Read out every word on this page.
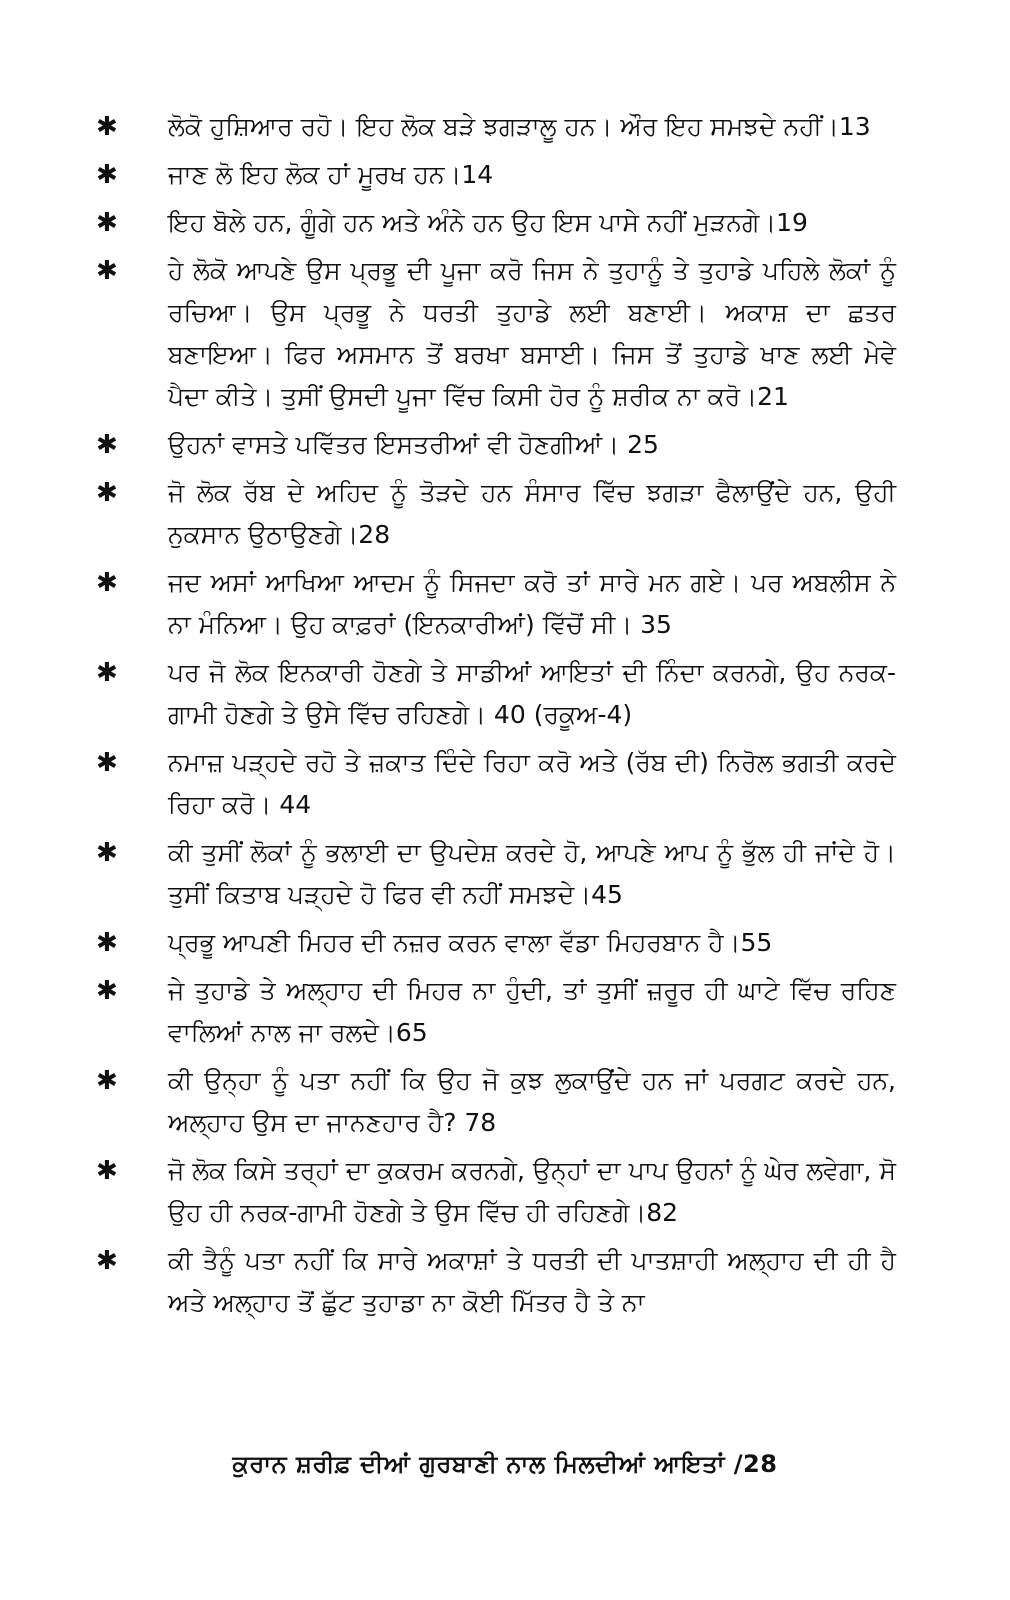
✱	ਲੋਕੋ ਹੁਸ਼ਿਆਰ ਰਹੋ। ਇਹ ਲੋਕ ਬੜੇ ਝਗੜਾਲੂ ਹਨ। ਔਰ ਇਹ ਸਮਝਦੇ ਨਹੀਂ।13
✱	ਜਾਣ ਲੋ ਇਹ ਲੋਕ ਹਾਂ ਮੂਰਖ ਹਨ।14
✱	ਇਹ ਬੋਲੇ ਹਨ, ਗੂੰਗੇ ਹਨ ਅਤੇ ਅੰਨੇ ਹਨ ਉਹ ਇਸ ਪਾਸੇ ਨਹੀਂ ਮੁੜਨਗੇ।19
✱	ਹੇ ਲੋਕੋ ਆਪਣੇ ਉਸ ਪ੍ਰਭੂ ਦੀ ਪੂਜਾ ਕਰੋ ਜਿਸ ਨੇ ਤੁਹਾਨੂੰ ਤੇ ਤੁਹਾਡੇ ਪਹਿਲੇ ਲੋਕਾਂ ਨੂੰ ਰਚਿਆ। ਉਸ ਪ੍ਰਭੂ ਨੇ ਧਰਤੀ ਤੁਹਾਡੇ ਲਈ ਬਣਾਈ। ਅਕਾਸ਼ ਦਾ ਛਤਰ ਬਣਾਇਆ। ਫਿਰ ਅਸਮਾਨ ਤੋਂ ਬਰਖਾ ਬਸਾਈ। ਜਿਸ ਤੋਂ ਤੁਹਾਡੇ ਖਾਣ ਲਈ ਮੇਵੇ ਪੈਦਾ ਕੀਤੇ। ਤੁਸੀਂ ਉਸਦੀ ਪੂਜਾ ਵਿੱਚ ਕਿਸੀ ਹੋਰ ਨੂੰ ਸ਼ਰੀਕ ਨਾ ਕਰੋ।21
✱	ਉਹਨਾਂ ਵਾਸਤੇ ਪਵਿੱਤਰ ਇਸਤਰੀਆਂ ਵੀ ਹੋਣਗੀਆਂ। 25
✱	ਜੋ ਲੋਕ ਰੱਬ ਦੇ ਅਹਿਦ ਨੂੰ ਤੋੜਦੇ ਹਨ ਸੰਸਾਰ ਵਿੱਚ ਝਗੜਾ ਫੈਲਾਉਂਦੇ ਹਨ, ਉਹੀ ਨੁਕਸਾਨ ਉਠਾਉਣਗੇ।28
✱	ਜਦ ਅਸਾਂ ਆਖਿਆ ਆਦਮ ਨੂੰ ਸਿਜਦਾ ਕਰੋ ਤਾਂ ਸਾਰੇ ਮਨ ਗਏ। ਪਰ ਅਬਲੀਸ ਨੇ ਨਾ ਮੰਨਿਆ। ਉਹ ਕਾਫ਼ਰਾਂ (ਇਨਕਾਰੀਆਂ) ਵਿੱਚੋਂ ਸੀ। 35
✱	ਪਰ ਜੋ ਲੋਕ ਇਨਕਾਰੀ ਹੋਣਗੇ ਤੇ ਸਾਡੀਆਂ ਆਇਤਾਂ ਦੀ ਨਿੰਦਾ ਕਰਨਗੇ, ਉਹ ਨਰਕ-ਗਾਮੀ ਹੋਣਗੇ ਤੇ ਉਸੇ ਵਿੱਚ ਰਹਿਣਗੇ। 40 (ਰਕੂਅ-4)
✱	ਨਮਾਜ਼ ਪੜ੍ਹਦੇ ਰਹੋ ਤੇ ਜ਼ਕਾਤ ਦਿੰਦੇ ਰਿਹਾ ਕਰੋ ਅਤੇ (ਰੱਬ ਦੀ) ਨਿਰੋਲ ਭਗਤੀ ਕਰਦੇ ਰਿਹਾ ਕਰੋ। 44
✱	ਕੀ ਤੁਸੀਂ ਲੋਕਾਂ ਨੂੰ ਭਲਾਈ ਦਾ ਉਪਦੇਸ਼ ਕਰਦੇ ਹੋ, ਆਪਣੇ ਆਪ ਨੂੰ ਭੁੱਲ ਹੀ ਜਾਂਦੇ ਹੋ। ਤੁਸੀਂ ਕਿਤਾਬ ਪੜ੍ਹਦੇ ਹੋ ਫਿਰ ਵੀ ਨਹੀਂ ਸਮਝਦੇ।45
✱	ਪ੍ਰਭੂ ਆਪਣੀ ਮਿਹਰ ਦੀ ਨਜ਼ਰ ਕਰਨ ਵਾਲਾ ਵੱਡਾ ਮਿਹਰਬਾਨ ਹੈ।55
✱	ਜੇ ਤੁਹਾਡੇ ਤੇ ਅਲ੍ਹਾਹ ਦੀ ਮਿਹਰ ਨਾ ਹੁੰਦੀ, ਤਾਂ ਤੁਸੀਂ ਜ਼ਰੂਰ ਹੀ ਘਾਟੇ ਵਿੱਚ ਰਹਿਣ ਵਾਲਿਆਂ ਨਾਲ ਜਾ ਰਲਦੇ।65
✱	ਕੀ ਉਨ੍ਹਾ ਨੂੰ ਪਤਾ ਨਹੀਂ ਕਿ ਉਹ ਜੋ ਕੁਝ ਲੁਕਾਉਂਦੇ ਹਨ ਜਾਂ ਪਰਗਟ ਕਰਦੇ ਹਨ, ਅਲ੍ਹਾਹ ਉਸ ਦਾ ਜਾਨਣਹਾਰ ਹੈ? 78
✱	ਜੋ ਲੋਕ ਕਿਸੇ ਤਰ੍ਹਾਂ ਦਾ ਕੁਕਰਮ ਕਰਨਗੇ, ਉਨ੍ਹਾਂ ਦਾ ਪਾਪ ਉਹਨਾਂ ਨੂੰ ਘੇਰ ਲਵੇਗਾ, ਸੋ ਉਹ ਹੀ ਨਰਕ-ਗਾਮੀ ਹੋਣਗੇ ਤੇ ਉਸ ਵਿੱਚ ਹੀ ਰਹਿਣਗੇ।82
✱	ਕੀ ਤੈਨੂੰ ਪਤਾ ਨਹੀਂ ਕਿ ਸਾਰੇ ਅਕਾਸ਼ਾਂ ਤੇ ਧਰਤੀ ਦੀ ਪਾਤਸ਼ਾਹੀ ਅਲ੍ਹਾਹ ਦੀ ਹੀ ਹੈ ਅਤੇ ਅਲ੍ਹਾਹ ਤੋਂ ਛੁੱਟ ਤੁਹਾਡਾ ਨਾ ਕੋਈ ਮਿੱਤਰ ਹੈ ਤੇ ਨਾ
ਕੁਰਾਨ ਸ਼ਰੀਫ਼ ਦੀਆਂ ਗੁਰਬਾਣੀ ਨਾਲ ਮਿਲਦੀਆਂ ਆਇਤਾਂ /28
